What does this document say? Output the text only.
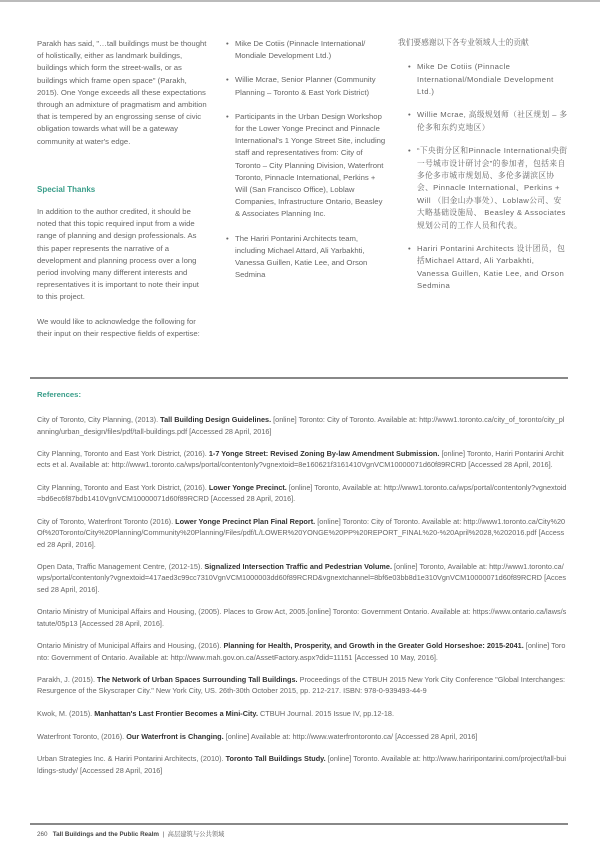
Parakh has said, "…tall buildings must be thought of holistically, either as landmark buildings, buildings which form the street-walls, or as buildings which frame open space" (Parakh, 2015). One Yonge exceeds all these expectations through an admixture of pragmatism and ambition that is tempered by an engrossing sense of civic obligation towards what will be a gateway community at water's edge.

Special Thanks

In addition to the author credited, it should be noted that this topic required input from a wide range of planning and design professionals. As this paper represents the narrative of a development and planning process over a long period involving many different interests and representatives it is important to note their input to this project.

We would like to acknowledge the following for their input on their respective fields of expertise:

• Mike De Cotiis (Pinnacle International/ Mondiale Development Ltd.)
• Willie Mcrae, Senior Planner (Community Planning – Toronto & East York District)
• Participants in the Urban Design Workshop for the Lower Yonge Precinct and Pinnacle International's 1 Yonge Street Site, including staff and representatives from: City of Toronto – City Planning Division, Waterfront Toronto, Pinnacle International, Perkins + Will (San Francisco Office), Loblaw Companies, Infrastructure Ontario, Beasley & Associates Planning Inc.
• The Hariri Pontarini Architects team, including Michael Attard, Ali Yarbakhti, Vanessa Guillen, Katie Lee, and Orson Sedmina
我们要感谢以下各专业领域人士的贡献
• Mike De Cotiis (Pinnacle International/Mondiale Development Ltd.)
• Willie Mcrae, 高级规划师（社区规划 – 多伦多和东约克地区）
• “下央街分区和Pinnacle International央街一号城市设计研讨会”的参加者，包括来自多伦多市城市规划局、多伦多湖滨区协会、Pinnacle International、Perkins + Will （旧金山办事处）、Loblaw公司、安大略基础设施局、 Beasley & Associates规划公司的工作人员和代表。
• Hariri Pontarini Architects 设计团员，包括Michael Attard, Ali Yarbakhti, Vanessa Guillen, Katie Lee, and Orson Sedmina
References:
City of Toronto, City Planning, (2013). Tall Building Design Guidelines. [online] Toronto: City of Toronto. Available at: http://www1.toronto.ca/city_of_toronto/city_planning/urban_design/files/pdf/tall-buildings.pdf [Accessed 28 April, 2016]
City Planning, Toronto and East York District, (2016). 1-7 Yonge Street: Revised Zoning By-law Amendment Submission. [online] Toronto, Hariri Pontarini Architects et al. Available at: http://www1.toronto.ca/wps/portal/contentonly?vgnextoid=8e160621f3161410VgnVCM10000071d60f89RCRD [Accessed 28 April, 2016].
City Planning, Toronto and East York District, (2016). Lower Yonge Precinct. [online] Toronto, Available at: http://www1.toronto.ca/wps/portal/contentonly?vgnextoid=bd6ec6f87bdb1410VgnVCM10000071d60f89RCRD [Accessed 28 April, 2016].
City of Toronto, Waterfront Toronto (2016). Lower Yonge Precinct Plan Final Report. [online] Toronto: City of Toronto. Available at: http://www1.toronto.ca/City%20Of%20Toronto/City%20Planning/Community%20Planning/Files/pdf/L/LOWER%20YONGE%20PP%20REPORT_FINAL%20-%20April%2028,%202016.pdf [Accessed 28 April, 2016].
Open Data, Traffic Management Centre, (2012-15). Signalized Intersection Traffic and Pedestrian Volume. [online] Toronto, Available at: http://www1.toronto.ca/wps/portal/contentonly?vgnextoid=417aed3c99cc7310VgnVCM1000003dd60f89RCRD&vgnextchannel=8bf6e03bb8d1e310VgnVCM10000071d60f89RCRD [Accessed 28 April, 2016].
Ontario Ministry of Municipal Affairs and Housing, (2005). Places to Grow Act, 2005.[online] Toronto: Government Ontario. Available at: https://www.ontario.ca/laws/statute/05p13 [Accessed 28 April, 2016].
Ontario Ministry of Municipal Affairs and Housing, (2016). Planning for Health, Prosperity, and Growth in the Greater Gold Horseshoe: 2015-2041. [online] Toronto: Government of Ontario. Available at: http://www.mah.gov.on.ca/AssetFactory.aspx?did=11151 [Accessed 10 May, 2016].
Parakh, J. (2015). The Network of Urban Spaces Surrounding Tall Buildings. Proceedings of the CTBUH 2015 New York City Conference "Global Interchanges: Resurgence of the Skyscraper City." New York City, US. 26th-30th October 2015, pp. 212-217. ISBN: 978-0-939493-44-9
Kwok, M. (2015). Manhattan's Last Frontier Becomes a Mini-City. CTBUH Journal. 2015 Issue IV, pp.12-18.
Waterfront Toronto, (2016). Our Waterfront is Changing. [online] Available at: http://www.waterfrontoronto.ca/ [Accessed 28 April, 2016]
Urban Strategies Inc. & Hariri Pontarini Architects, (2010). Toronto Tall Buildings Study. [online] Toronto. Available at: http://www.hariripontarini.com/project/tall-buildings-study/ [Accessed 28 April, 2016]
260 Tall Buildings and the Public Realm | 高层建筑与公共领域
